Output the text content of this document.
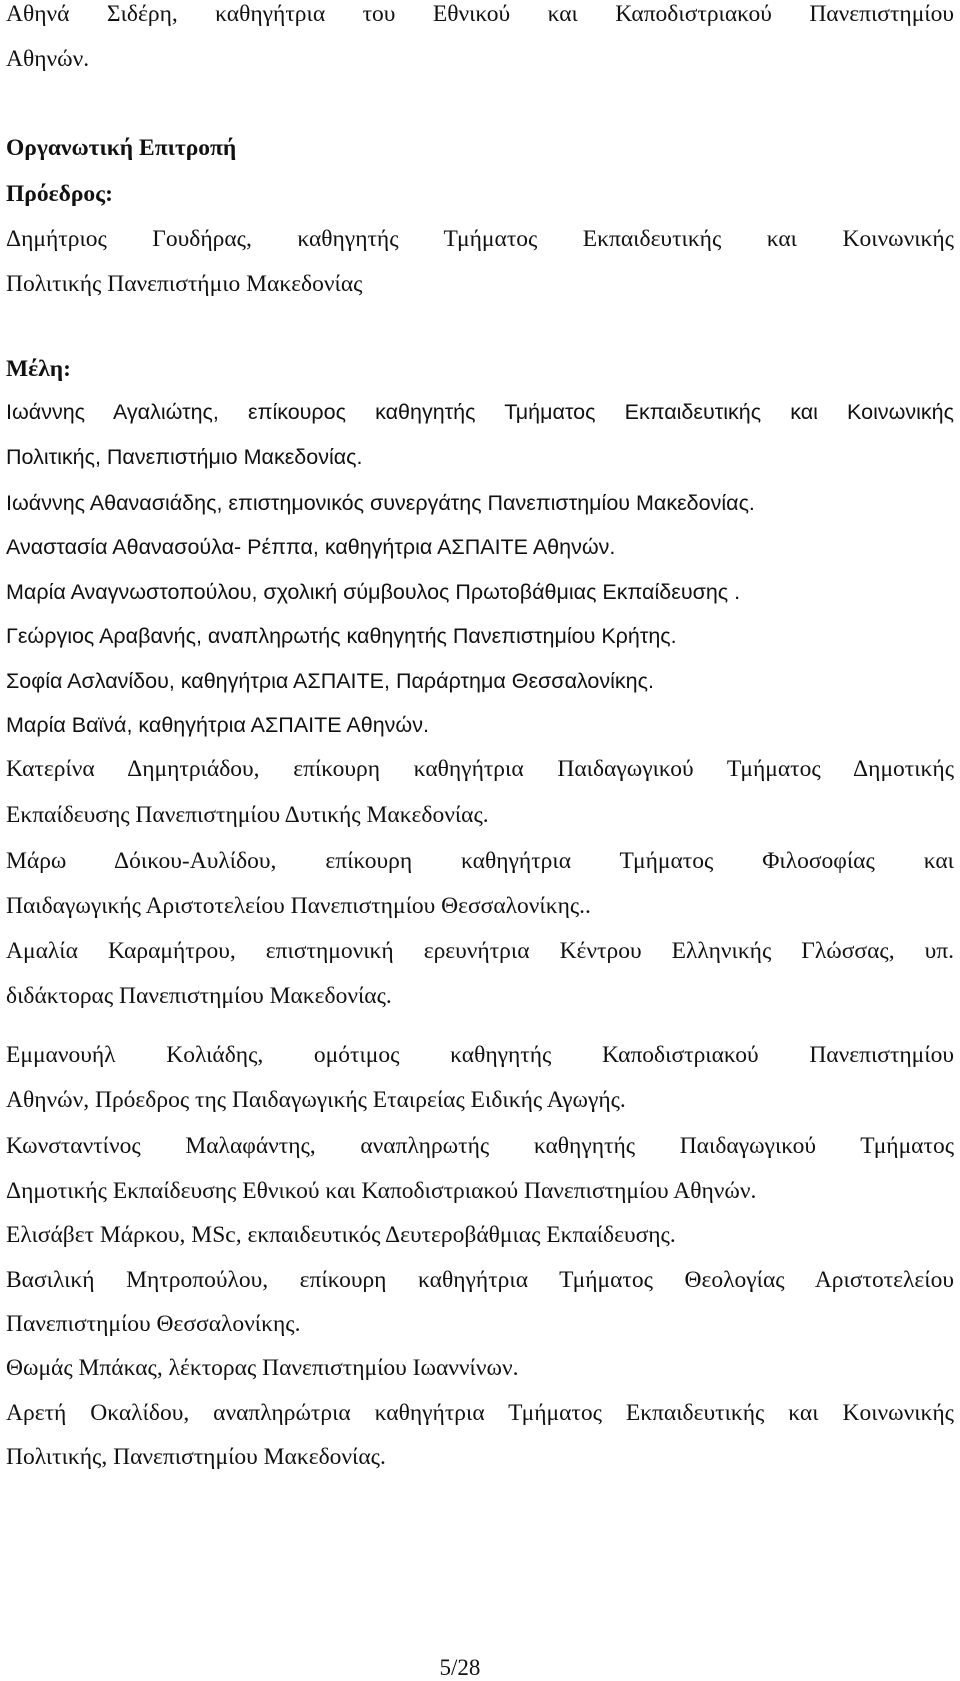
Αθηνά Σιδέρη, καθηγήτρια του Εθνικού και Καποδιστριακού Πανεπιστημίου

Αθηνών.

Οργανωτική Επιτροπή

Πρόεδρος:

Δημήτριος Γουδήρας, καθηγητής Τμήματος Εκπαιδευτικής και Κοινωνικής

Πολιτικής Πανεπιστήμιο Μακεδονίας

Μέλη:

Ιωάννης Αγαλιώτης, επίκουρος καθηγητής Τμήματος Εκπαιδευτικής και Κοινωνικής

Πολιτικής, Πανεπιστήμιο Μακεδονίας.

Ιωάννης Αθανασιάδης, επιστημονικός συνεργάτης Πανεπιστημίου Μακεδονίας.

Αναστασία Αθανασούλα- Ρέππα, καθηγήτρια ΑΣΠΑΙΤΕ Αθηνών.

Μαρία Αναγνωστοπούλου, σχολική σύμβουλος Πρωτοβάθμιας Εκπαίδευσης .

Γεώργιος Αραβανής, αναπληρωτής καθηγητής Πανεπιστημίου Κρήτης.

Σοφία Ασλανίδου, καθηγήτρια ΑΣΠΑΙΤΕ, Παράρτημα Θεσσαλονίκης.

Μαρία Βαϊνά, καθηγήτρια ΑΣΠΑΙΤΕ Αθηνών.

Κατερίνα Δημητριάδου, επίκουρη καθηγήτρια Παιδαγωγικού Τμήματος Δημοτικής

Εκπαίδευσης Πανεπιστημίου Δυτικής Μακεδονίας.

Μάρω Δόικου-Αυλίδου, επίκουρη καθηγήτρια Τμήματος Φιλοσοφίας και

Παιδαγωγικής Αριστοτελείου Πανεπιστημίου Θεσσαλονίκης..

Αμαλία Καραμήτρου, επιστημονική ερευνήτρια Κέντρου Ελληνικής Γλώσσας, υπ.

διδάκτορας Πανεπιστημίου Μακεδονίας.

Εμμανουήλ Κολιάδης, ομότιμος καθηγητής Καποδιστριακού Πανεπιστημίου

Αθηνών, Πρόεδρος της Παιδαγωγικής Εταιρείας Ειδικής Αγωγής.

Κωνσταντίνος Μαλαφάντης, αναπληρωτής καθηγητής Παιδαγωγικού Τμήματος

Δημοτικής Εκπαίδευσης Εθνικού και Καποδιστριακού Πανεπιστημίου Αθηνών.

Ελισάβετ Μάρκου, MSc, εκπαιδευτικός Δευτεροβάθμιας Εκπαίδευσης.

Βασιλική Μητροπούλου, επίκουρη καθηγήτρια Τμήματος Θεολογίας Αριστοτελείου

Πανεπιστημίου Θεσσαλονίκης.

Θωμάς Μπάκας, λέκτορας Πανεπιστημίου Ιωαννίνων.

Αρετή Οκαλίδου, αναπληρώτρια καθηγήτρια Τμήματος Εκπαιδευτικής και Κοινωνικής

Πολιτικής, Πανεπιστημίου Μακεδονίας.

5/28
